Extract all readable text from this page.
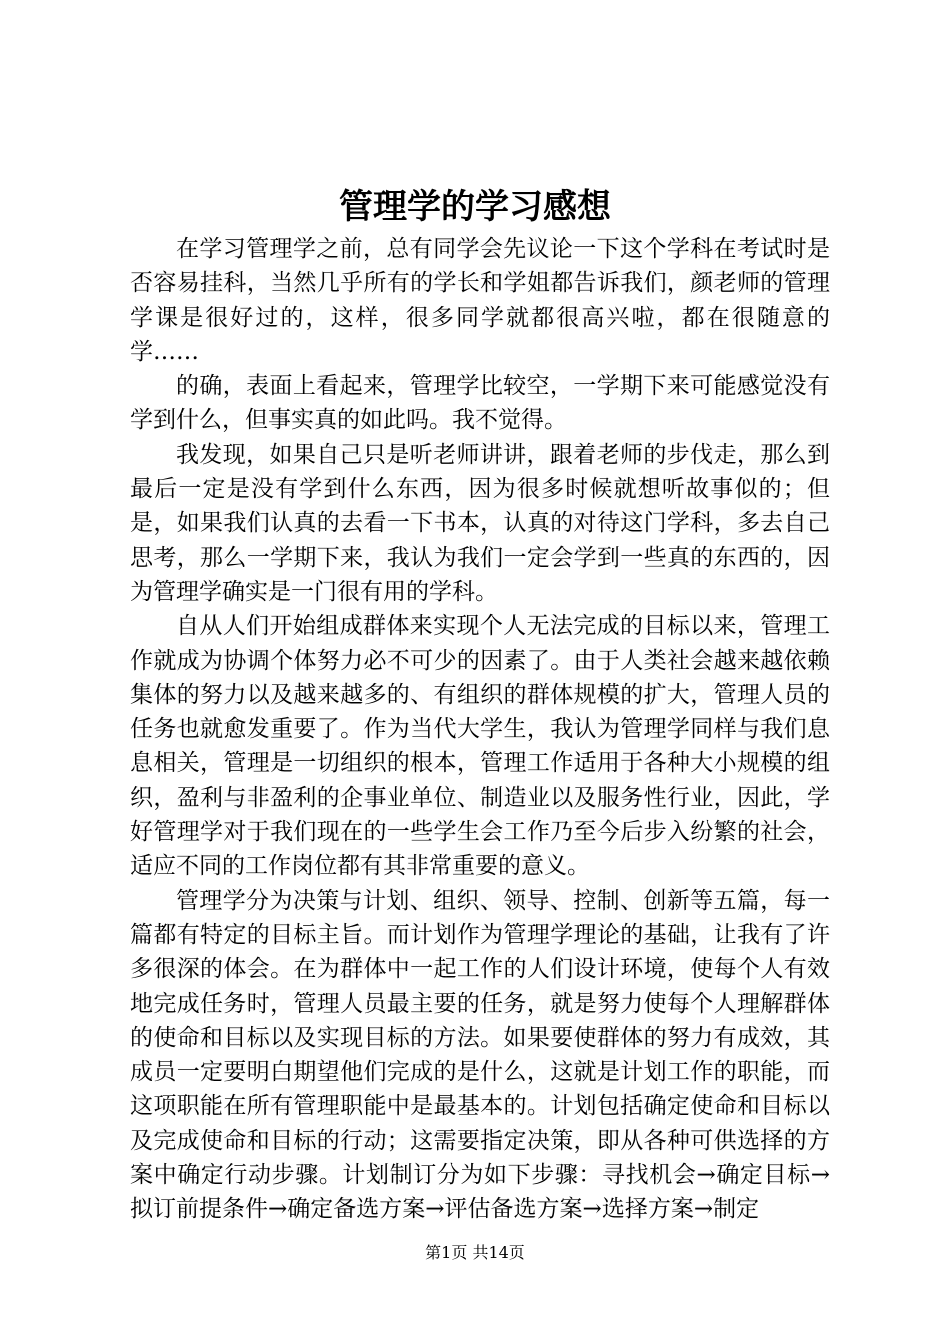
管理学的学习感想

在学习管理学之前，总有同学会先议论一下这个学科在考试时是否容易挂科，当然几乎所有的学长和学姐都告诉我们，颜老师的管理学课是很好过的，这样，很多同学就都很高兴啦，都在很随意的学……

的确，表面上看起来，管理学比较空，一学期下来可能感觉没有学到什么，但事实真的如此吗。我不觉得。

我发现，如果自己只是听老师讲讲，跟着老师的步伐走，那么到最后一定是没有学到什么东西，因为很多时候就想听故事似的；但是，如果我们认真的去看一下书本，认真的对待这门学科，多去自己思考，那么一学期下来，我认为我们一定会学到一些真的东西的，因为管理学确实是一门很有用的学科。

自从人们开始组成群体来实现个人无法完成的目标以来，管理工作就成为协调个体努力必不可少的因素了。由于人类社会越来越依赖集体的努力以及越来越多的、有组织的群体规模的扩大，管理人员的任务也就愈发重要了。作为当代大学生，我认为管理学同样与我们息息相关，管理是一切组织的根本，管理工作适用于各种大小规模的组织，盈利与非盈利的企事业单位、制造业以及服务性行业，因此，学好管理学对于我们现在的一些学生会工作乃至今后步入纷繁的社会，适应不同的工作岗位都有其非常重要的意义。

管理学分为决策与计划、组织、领导、控制、创新等五篇，每一篇都有特定的目标主旨。而计划作为管理学理论的基础，让我有了许多很深的体会。在为群体中一起工作的人们设计环境，使每个人有效地完成任务时，管理人员最主要的任务，就是努力使每个人理解群体的使命和目标以及实现目标的方法。如果要使群体的努力有成效，其成员一定要明白期望他们完成的是什么，这就是计划工作的职能，而这项职能在所有管理职能中是最基本的。计划包括确定使命和目标以及完成使命和目标的行动；这需要指定决策，即从各种可供选择的方案中确定行动步骤。计划制订分为如下步骤：寻找机会→确定目标→拟订前提条件→确定备选方案→评估备选方案→选择方案→制定

第1页 共14页
